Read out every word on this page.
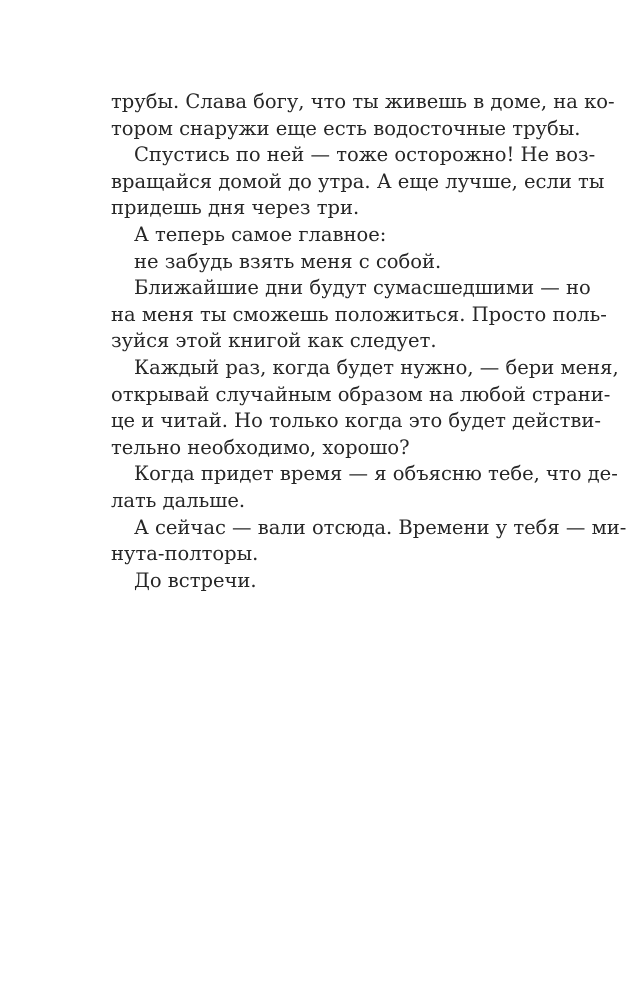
трубы. Слава богу, что ты живешь в доме, на ко-
тором снаружи еще есть водосточные трубы.
Спустись по ней — тоже осторожно! Не воз-
вращайся домой до утра. А еще лучше, если ты
придешь дня через три.
А теперь самое главное:
не забудь взять меня с собой.
Ближайшие дни будут сумасшедшими — но
на меня ты сможешь положиться. Просто поль-
зуйся этой книгой как следует.
Каждый раз, когда будет нужно, — бери меня,
открывай случайным образом на любой страни-
це и читай. Но только когда это будет действи-
тельно необходимо, хорошо?
Когда придет время — я объясню тебе, что де-
лать дальше.
А сейчас — вали отсюда. Времени у тебя — ми-
нута-полторы.
До встречи.
